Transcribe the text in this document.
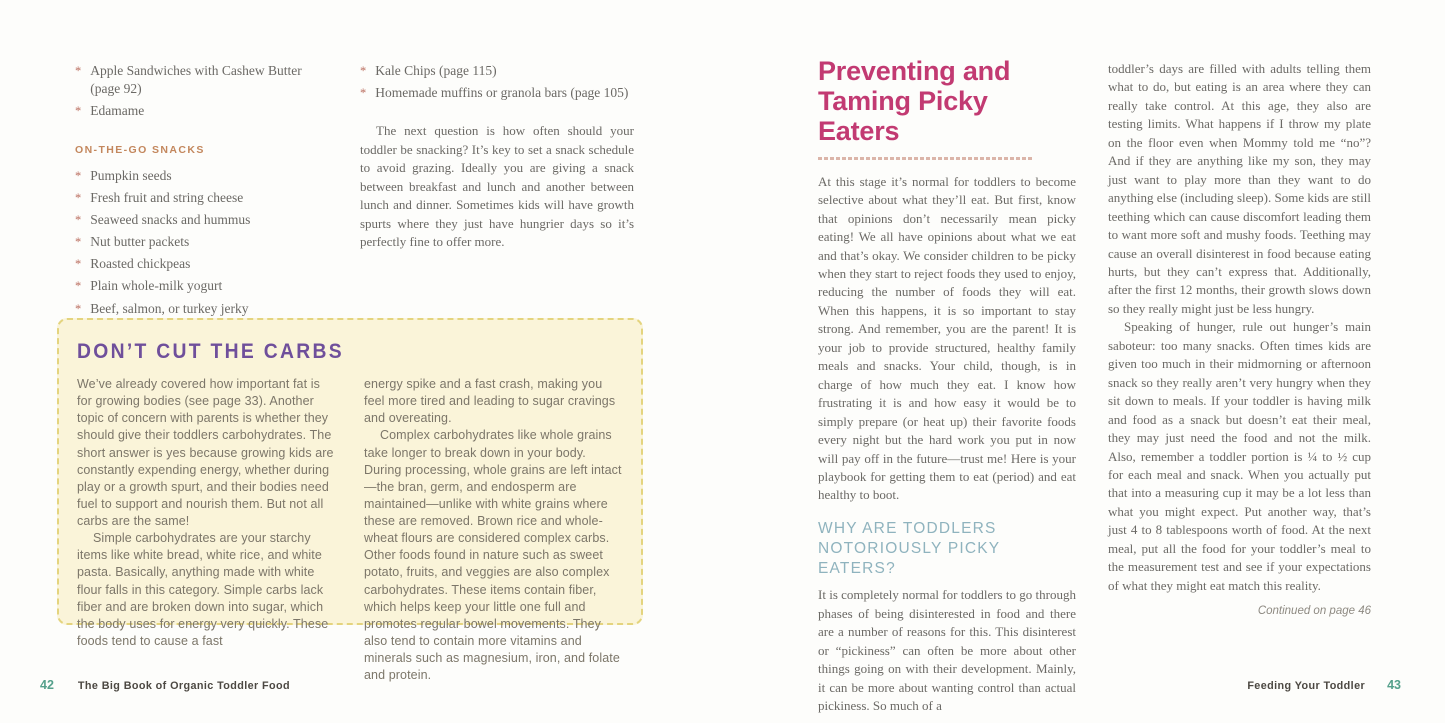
* Apple Sandwiches with Cashew Butter (page 92)
* Edamame
ON-THE-GO SNACKS
* Pumpkin seeds
* Fresh fruit and string cheese
* Seaweed snacks and hummus
* Nut butter packets
* Roasted chickpeas
* Plain whole-milk yogurt
* Beef, salmon, or turkey jerky
* Kale Chips (page 115)
* Homemade muffins or granola bars (page 105)

The next question is how often should your toddler be snacking? It’s key to set a snack schedule to avoid grazing. Ideally you are giving a snack between breakfast and lunch and another between lunch and dinner. Sometimes kids will have growth spurts where they just have hungrier days so it’s perfectly fine to offer more.

DON’T CUT THE CARBS

We’ve already covered how important fat is for growing bodies (see page 33). Another topic of concern with parents is whether they should give their toddlers carbohydrates. The short answer is yes because growing kids are constantly expending energy, whether during play or a growth spurt, and their bodies need fuel to support and nourish them. But not all carbs are the same!

Simple carbohydrates are your starchy items like white bread, white rice, and white pasta. Basically, anything made with white flour falls in this category. Simple carbs lack fiber and are broken down into sugar, which the body uses for energy very quickly. These foods tend to cause a fast

energy spike and a fast crash, making you feel more tired and leading to sugar cravings and overeating.

Complex carbohydrates like whole grains take longer to break down in your body. During processing, whole grains are left intact—the bran, germ, and endosperm are maintained—unlike with white grains where these are removed. Brown rice and whole-wheat flours are considered complex carbs. Other foods found in nature such as sweet potato, fruits, and veggies are also complex carbohydrates. These items contain fiber, which helps keep your little one full and promotes regular bowel movements. They also tend to contain more vitamins and minerals such as magnesium, iron, and folate and protein.

42 The Big Book of Organic Toddler Food
Preventing and
Taming Picky Eaters

At this stage it’s normal for toddlers to become selective about what they’ll eat. But first, know that opinions don’t necessarily mean picky eating! We all have opinions about what we eat and that’s okay. We consider children to be picky when they start to reject foods they used to enjoy, reducing the number of foods they will eat. When this happens, it is so important to stay strong. And remember, you are the parent! It is your job to provide structured, healthy family meals and snacks. Your child, though, is in charge of how much they eat. I know how frustrating it is and how easy it would be to simply prepare (or heat up) their favorite foods every night but the hard work you put in now will pay off in the future—trust me! Here is your playbook for getting them to eat (period) and eat healthy to boot.

WHY ARE TODDLERS NOTORIOUSLY PICKY EATERS?

It is completely normal for toddlers to go through phases of being disinterested in food and there are a number of reasons for this. This disinterest or “pickiness” can often be more about other things going on with their development. Mainly, it can be more about wanting control than actual pickiness. So much of a

toddler’s days are filled with adults telling them what to do, but eating is an area where they can really take control. At this age, they also are testing limits. What happens if I throw my plate on the floor even when Mommy told me “no”? And if they are anything like my son, they may just want to play more than they want to do anything else (including sleep). Some kids are still teething which can cause discomfort leading them to want more soft and mushy foods. Teething may cause an overall disinterest in food because eating hurts, but they can’t express that. Additionally, after the first 12 months, their growth slows down so they really might just be less hungry.

Speaking of hunger, rule out hunger’s main saboteur: too many snacks. Often times kids are given too much in their midmorning or afternoon snack so they really aren’t very hungry when they sit down to meals. If your toddler is having milk and food as a snack but doesn’t eat their meal, they may just need the food and not the milk. Also, remember a toddler portion is ¼ to ½ cup for each meal and snack. When you actually put that into a measuring cup it may be a lot less than what you might expect. Put another way, that’s just 4 to 8 tablespoons worth of food. At the next meal, put all the food for your toddler’s meal to the measurement test and see if your expectations of what they might eat match this reality.

Continued on page 46

Feeding Your Toddler 43
